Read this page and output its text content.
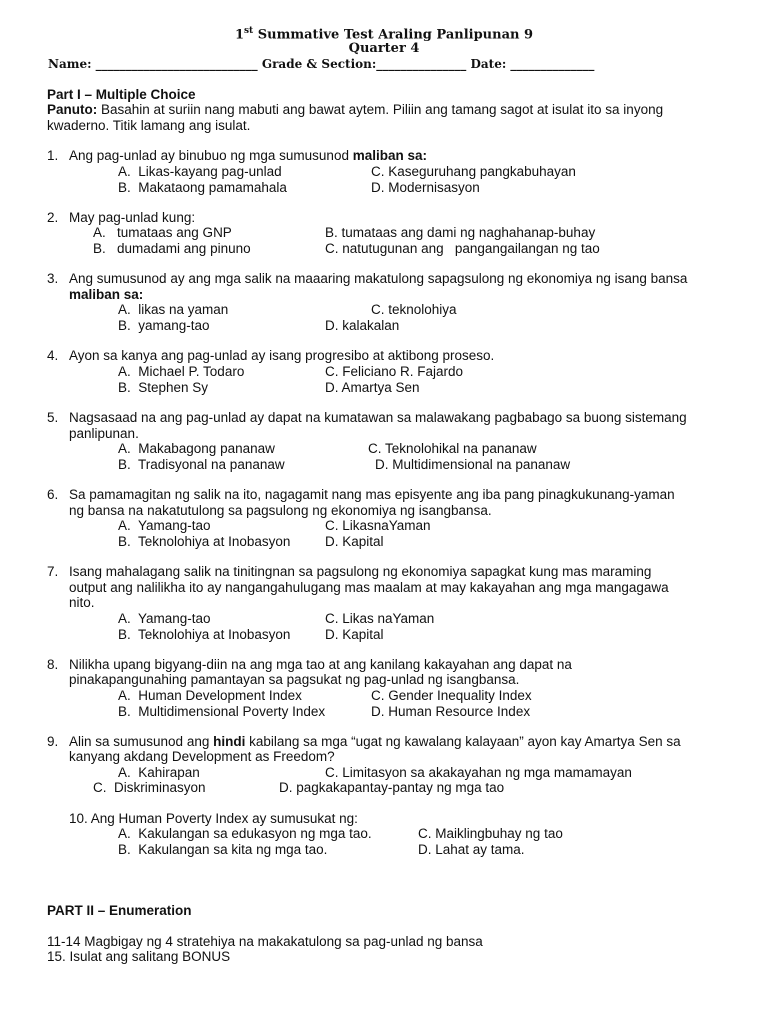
1st Summative Test Araling Panlipunan 9
Quarter 4
Name: ___________________________ Grade & Section:_______________ Date: ______________
Part I – Multiple Choice
Panuto: Basahin at suriin nang mabuti ang bawat aytem. Piliin ang tamang sagot at isulat ito sa inyong
kwaderno. Titik lamang ang isulat.
1. Ang pag-unlad ay binubuo ng mga sumusunod maliban sa:
A.  Likas-kayang pag-unlad	C. Kaseguruhang pangkabuhayan
B.  Makataong pamamahala	D. Modernisasyon
2. May pag-unlad kung:
A.   tumataas ang GNP	B. tumataas ang dami ng naghahanap-buhay
B.   dumadami ang pinuno	C. natutugunan ang   pangangailangan ng tao
3. Ang sumusunod ay ang mga salik na maaaring makatulong sapagsulong ng ekonomiya ng isang bansa
maliban sa:
A.  likas na yaman	C. teknolohiya
B.  yamang-tao	D. kalakalan
4. Ayon sa kanya ang pag-unlad ay isang progresibo at aktibong proseso.
A.  Michael P. Todaro	C. Feliciano R. Fajardo
B.  Stephen Sy	D. Amartya Sen
5. Nagsasaad na ang pag-unlad ay dapat na kumatawan sa malawakang pagbabago sa buong sistemang
panlipunan.
A.  Makabagong pananaw	C. Teknolohikal na pananaw
B.  Tradisyonal na pananaw	D. Multidimensional na pananaw
6. Sa pamamagitan ng salik na ito, nagagamit nang mas episyente ang iba pang pinagkukunang-yaman
ng bansa na nakatutulong sa pagsulong ng ekonomiya ng isangbansa.
A.  Yamang-tao	C. LikasnaYaman
B.  Teknolohiya at Inobasyon	D. Kapital
7. Isang mahalagang salik na tinitingnan sa pagsulong ng ekonomiya sapagkat kung mas maraming
output ang nalilikha ito ay nangangahulugang mas maalam at may kakayahan ang mga mangagawa
nito.
A.  Yamang-tao	C. Likas naYaman
B.  Teknolohiya at Inobasyon	D. Kapital
8. Nilikha upang bigyang-diin na ang mga tao at ang kanilang kakayahan ang dapat na
pinakapangunahing pamantayan sa pagsukat ng pag-unlad ng isangbansa.
A.  Human Development Index	C. Gender Inequality Index
B.  Multidimensional Poverty Index	D. Human Resource Index
9. Alin sa sumusunod ang hindi kabilang sa mga “ugat ng kawalang kalayaan” ayon kay Amartya Sen sa
kanyang akdang Development as Freedom?
A.  Kahirapan	C. Limitasyon sa akakayahan ng mga mamamayan
C.  Diskriminasyon	D. pagkakapantay-pantay ng mga tao
10. Ang Human Poverty Index ay sumusukat ng:
A.  Kakulangan sa edukasyon ng mga tao.	C. Maiklingbuhay ng tao
B.  Kakulangan sa kita ng mga tao.	D. Lahat ay tama.
PART II – Enumeration
11-14 Magbigay ng 4 stratehiya na makakatulong sa pag-unlad ng bansa
15. Isulat ang salitang BONUS
